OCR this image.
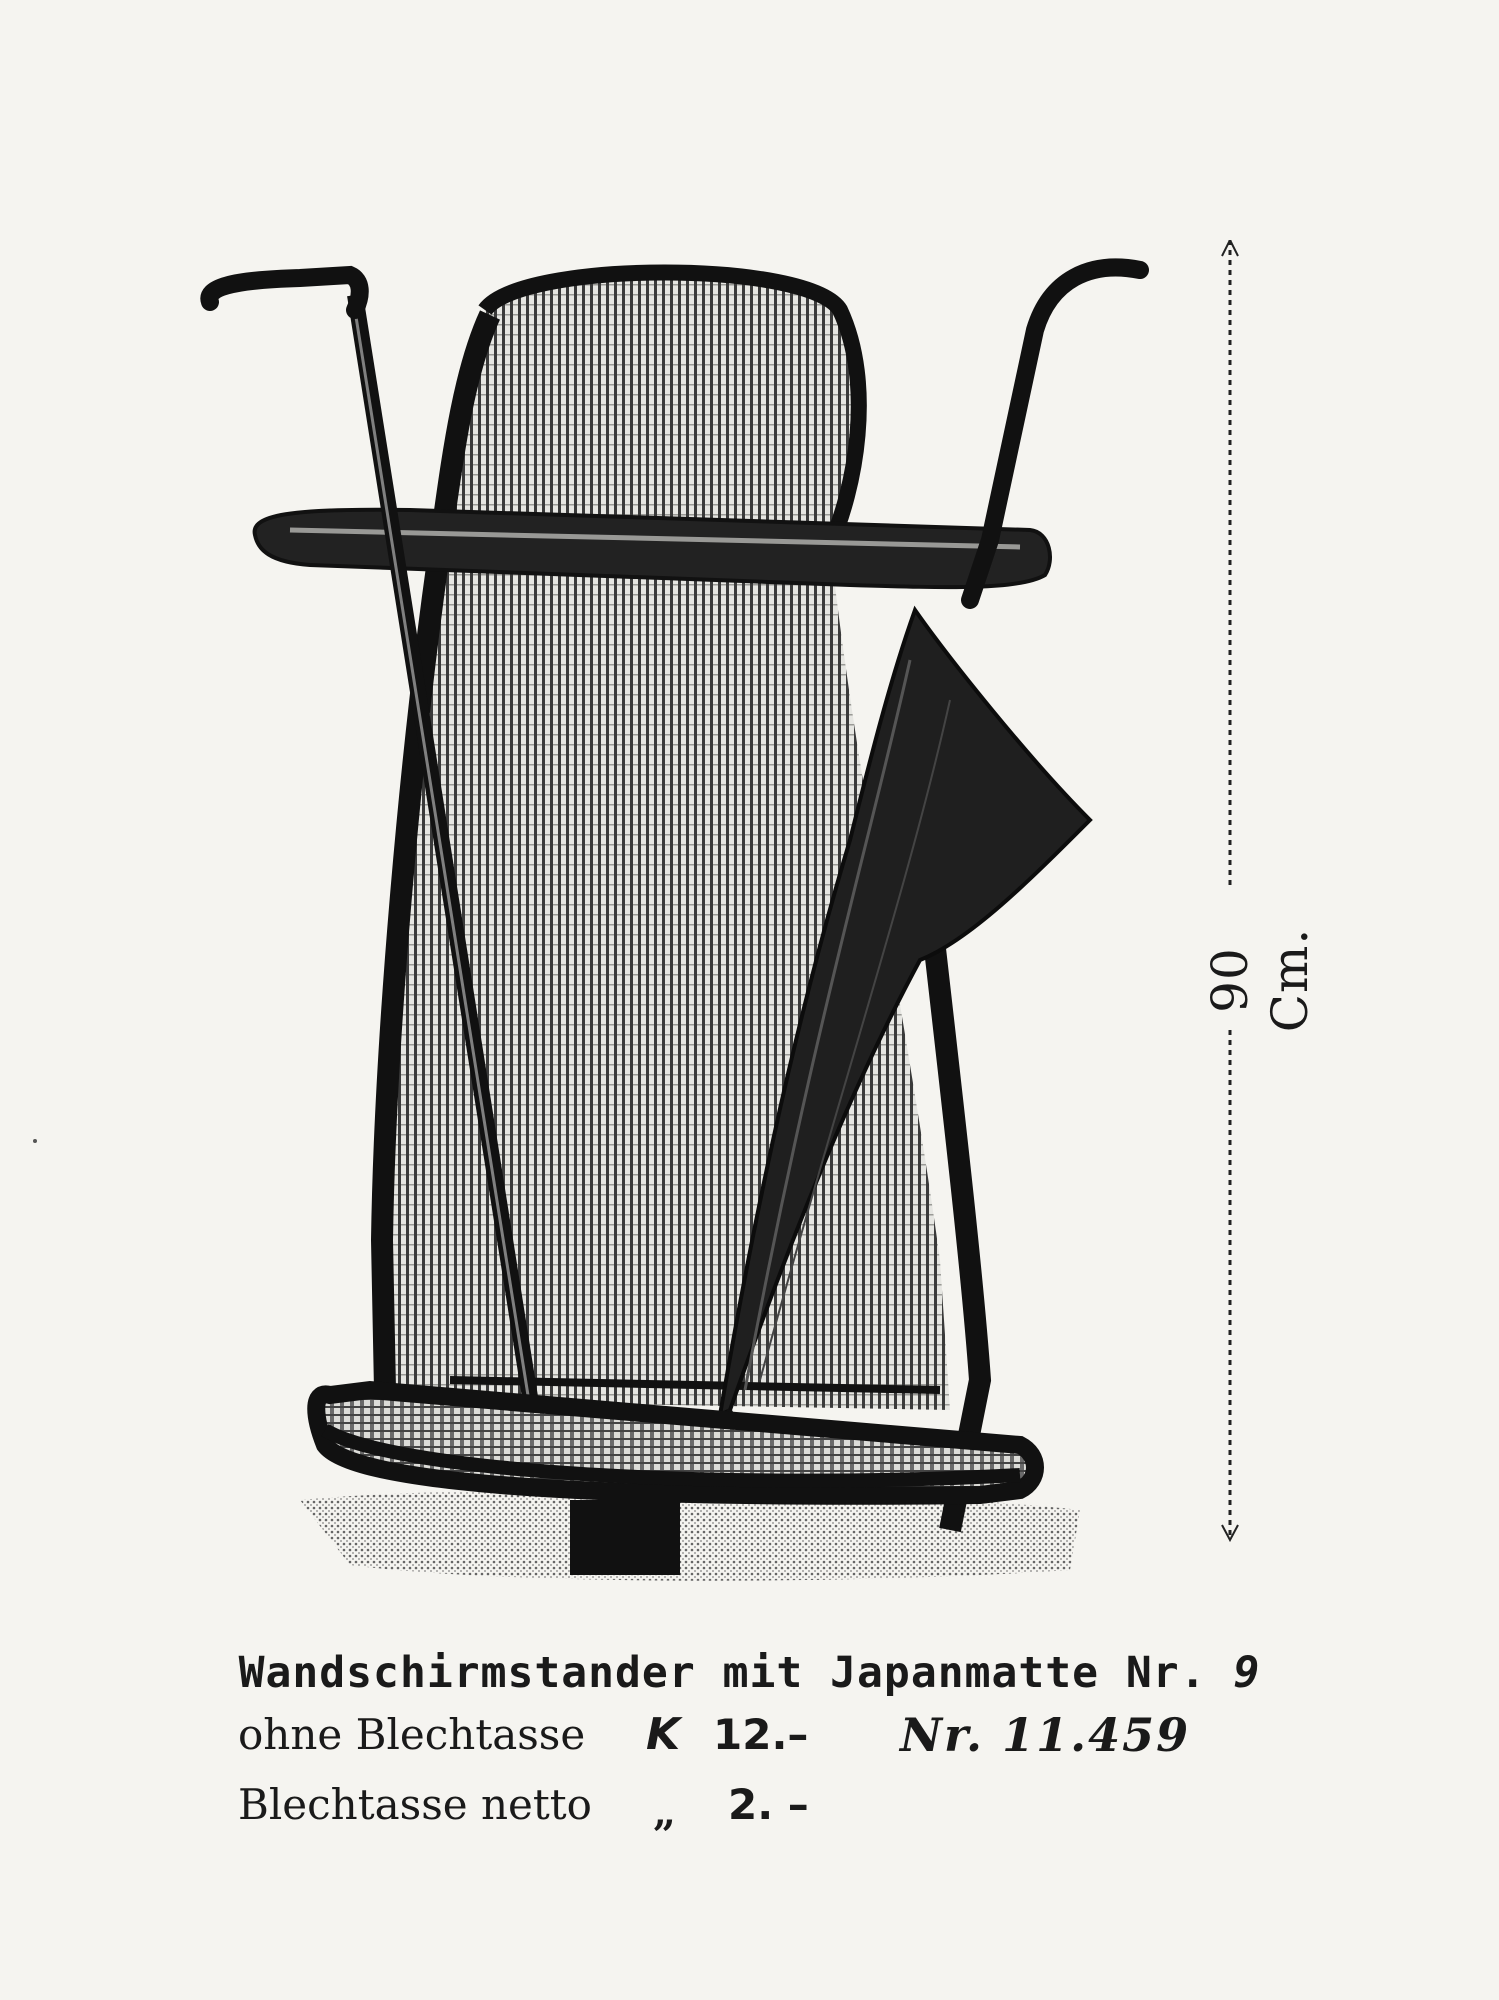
90 Cm.
Wandschirmstander mit Japanmatte Nr. 9
ohne Blechtasse K 12.– Nr. 11.459
Blechtasse netto „ 2. –
